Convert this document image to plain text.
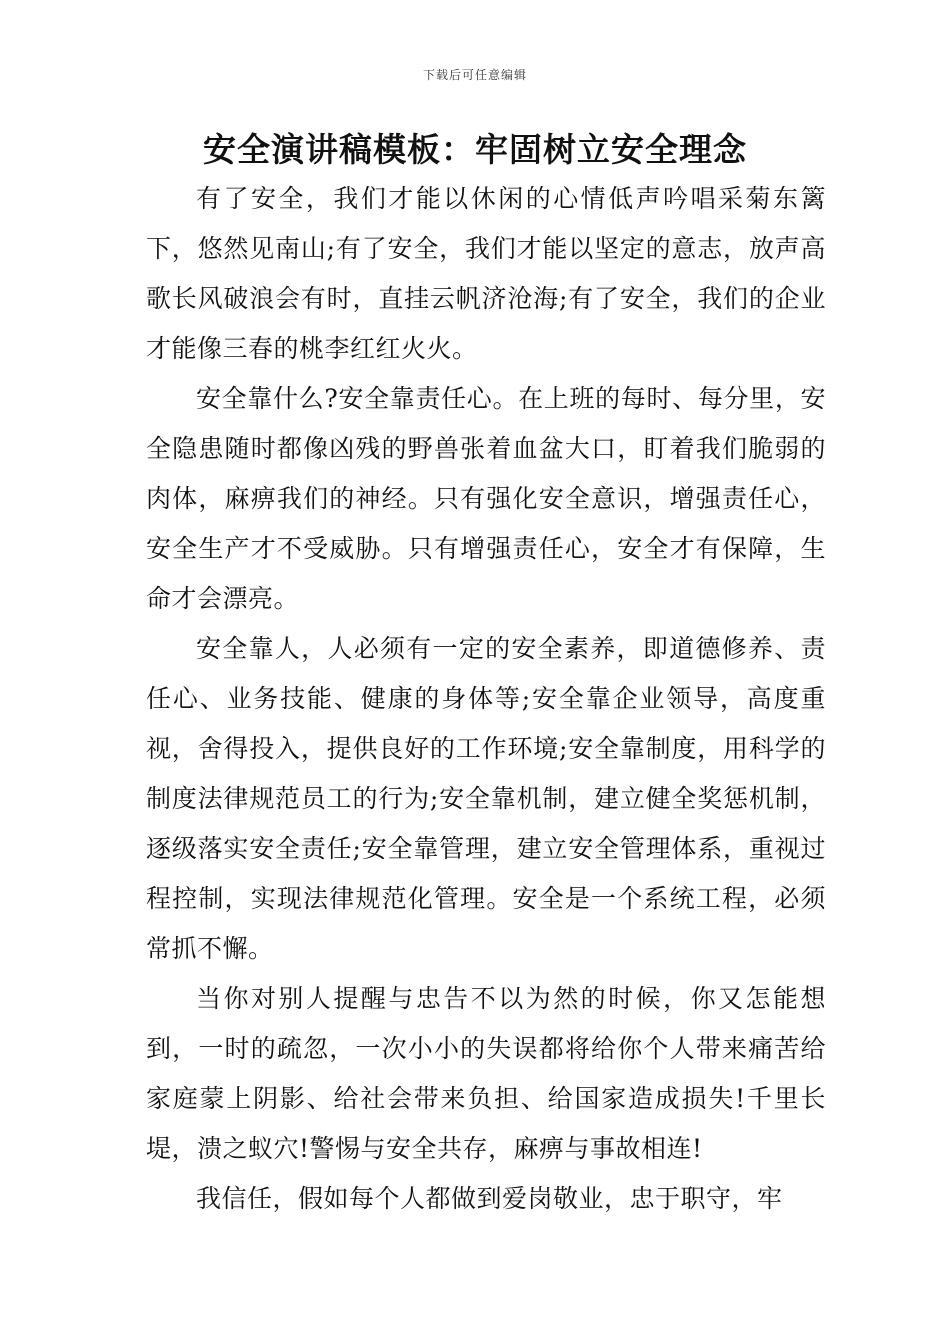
下载后可任意编辑
安全演讲稿模板：牢固树立安全理念

有了安全，我们才能以休闲的心情低声吟唱采菊东篱下，悠然见南山;有了安全，我们才能以坚定的意志，放声高歌长风破浪会有时，直挂云帆济沧海;有了安全，我们的企业才能像三春的桃李红红火火。

安全靠什么?安全靠责任心。在上班的每时、每分里，安全隐患随时都像凶残的野兽张着血盆大口，盯着我们脆弱的肉体，麻痹我们的神经。只有强化安全意识，增强责任心，安全生产才不受威胁。只有增强责任心，安全才有保障，生命才会漂亮。

安全靠人，人必须有一定的安全素养，即道德修养、责任心、业务技能、健康的身体等;安全靠企业领导，高度重视，舍得投入，提供良好的工作环境;安全靠制度，用科学的制度法律规范员工的行为;安全靠机制，建立健全奖惩机制，逐级落实安全责任;安全靠管理，建立安全管理体系，重视过程控制，实现法律规范化管理。安全是一个系统工程，必须常抓不懈。

当你对别人提醒与忠告不以为然的时候，你又怎能想到，一时的疏忽，一次小小的失误都将给你个人带来痛苦给家庭蒙上阴影、给社会带来负担、给国家造成损失!千里长堤，溃之蚁穴!警惕与安全共存，麻痹与事故相连!

我信任，假如每个人都做到爱岗敬业，忠于职守，牢
